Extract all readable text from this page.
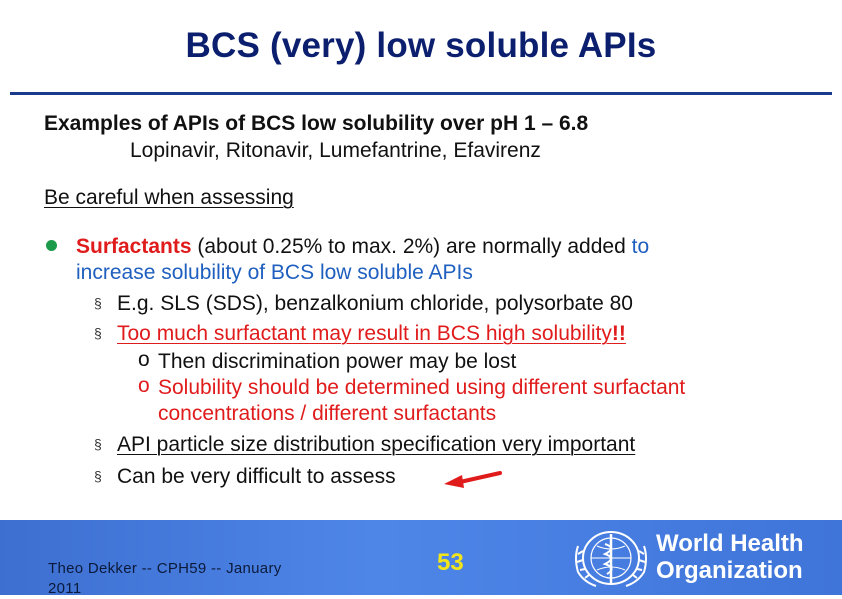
BCS (very) low soluble APIs
Examples of APIs of BCS low solubility over pH 1 – 6.8
Lopinavir, Ritonavir, Lumefantrine, Efavirenz
Be careful when assessing
Surfactants (about 0.25% to max. 2%) are normally added to
increase solubility of BCS low soluble APIs
§ E.g. SLS (SDS), benzalkonium chloride, polysorbate 80
§ Too much surfactant may result in BCS high solubility!!
o Then discrimination power may be lost
o Solubility should be determined using different surfactant
concentrations / different surfactants
§ API particle size distribution specification very important
§ Can be very difficult to assess
Theo Dekker -- CPH59 -- January
2011
53
World Health
Organization
